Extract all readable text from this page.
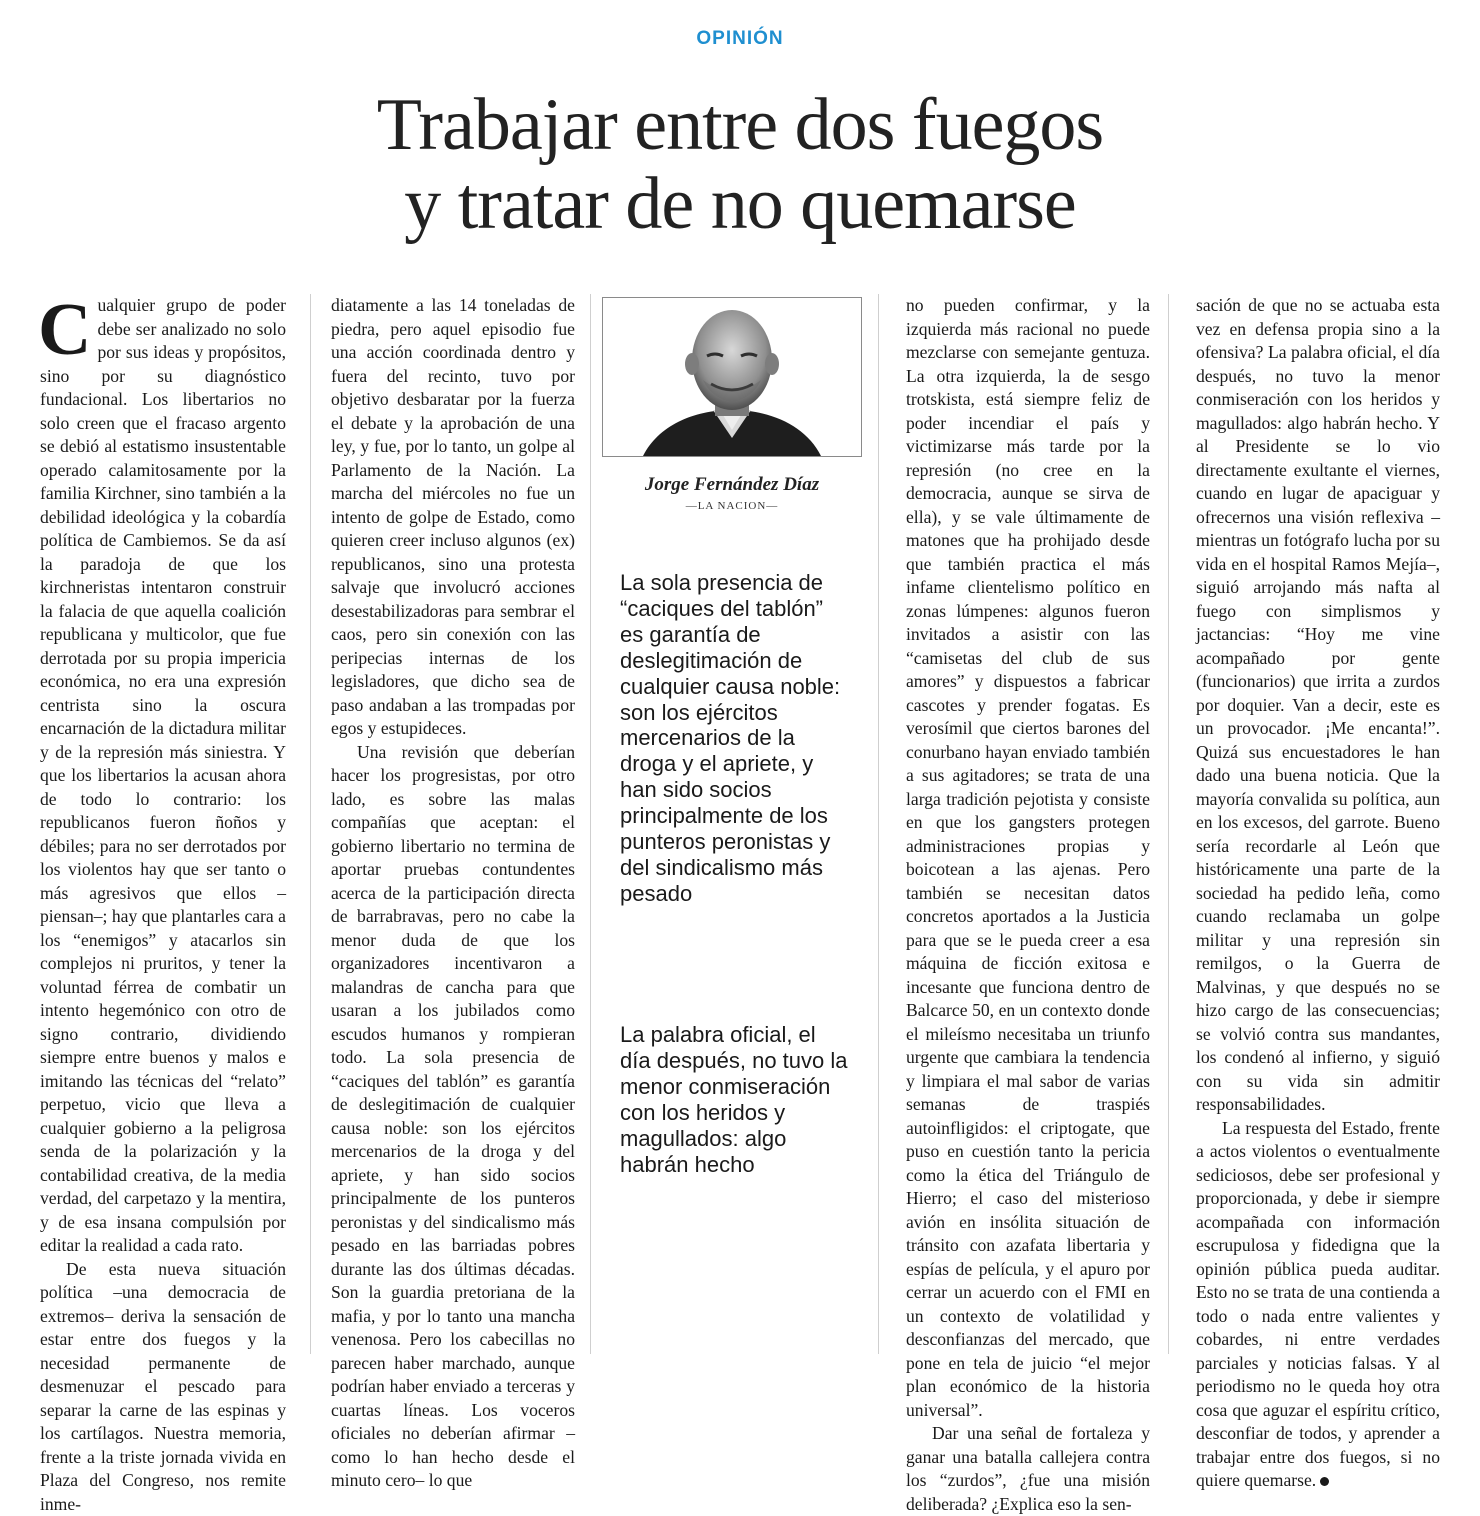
OPINIÓN
Trabajar entre dos fuegos
y tratar de no quemarse

Cualquier grupo de poder debe ser analizado no solo por sus ideas y propósitos, sino por su diagnóstico fundacional. Los libertarios no solo creen que el fracaso argento se debió al estatismo insustentable operado calamitosamente por la familia Kirchner, sino también a la debilidad ideológica y la cobardía política de Cambiemos. Se da así la paradoja de que los kirchneristas intentaron construir la falacia de que aquella coalición republicana y multicolor, que fue derrotada por su propia impericia económica, no era una expresión centrista sino la oscura encarnación de la dictadura militar y de la represión más siniestra. Y que los libertarios la acusan ahora de todo lo contrario: los republicanos fueron ñoños y débiles; para no ser derrotados por los violentos hay que ser tanto o más agresivos que ellos –piensan–; hay que plantarles cara a los “enemigos” y atacarlos sin complejos ni pruritos, y tener la voluntad férrea de combatir un intento hegemónico con otro de signo contrario, dividiendo siempre entre buenos y malos e imitando las técnicas del “relato” perpetuo, vicio que lleva a cualquier gobierno a la peligrosa senda de la polarización y la contabilidad creativa, de la media verdad, del carpetazo y la mentira, y de esa insana compulsión por editar la realidad a cada rato.

De esta nueva situación política –una democracia de extremos– deriva la sensación de estar entre dos fuegos y la necesidad permanente de desmenuzar el pescado para separar la carne de las espinas y los cartílagos. Nuestra memoria, frente a la triste jornada vivida en Plaza del Congreso, nos remite inme-

diatamente a las 14 toneladas de piedra, pero aquel episodio fue una acción coordinada dentro y fuera del recinto, tuvo por objetivo desbaratar por la fuerza el debate y la aprobación de una ley, y fue, por lo tanto, un golpe al Parlamento de la Nación. La marcha del miércoles no fue un intento de golpe de Estado, como quieren creer incluso algunos (ex) republicanos, sino una protesta salvaje que involucró acciones desestabilizadoras para sembrar el caos, pero sin conexión con las peripecias internas de los legisladores, que dicho sea de paso andaban a las trompadas por egos y estupideces.

Una revisión que deberían hacer los progresistas, por otro lado, es sobre las malas compañías que aceptan: el gobierno libertario no termina de aportar pruebas contundentes acerca de la participación directa de barrabravas, pero no cabe la menor duda de que los organizadores incentivaron a malandras de cancha para que usaran a los jubilados como escudos humanos y rompieran todo. La sola presencia de “caciques del tablón” es garantía de deslegitimación de cualquier causa noble: son los ejércitos mercenarios de la droga y del apriete, y han sido socios principalmente de los punteros peronistas y del sindicalismo más pesado en las barriadas pobres durante las dos últimas décadas. Son la guardia pretoriana de la mafia, y por lo tanto una mancha venenosa. Pero los cabecillas no parecen haber marchado, aunque podrían haber enviado a terceras y cuartas líneas. Los voceros oficiales no deberían afirmar –como lo han hecho desde el minuto cero– lo que

Jorge Fernández Díaz
—LA NACION—
La sola presencia de “caciques del tablón” es garantía de deslegitimación de cualquier causa noble: son los ejércitos mercenarios de la droga y el apriete, y han sido socios principalmente de los punteros peronistas y del sindicalismo más pesado
La palabra oficial, el día después, no tuvo la menor conmiseración con los heridos y magullados: algo habrán hecho

no pueden confirmar, y la izquierda más racional no puede mezclarse con semejante gentuza. La otra izquierda, la de sesgo trotskista, está siempre feliz de poder incendiar el país y victimizarse más tarde por la represión (no cree en la democracia, aunque se sirva de ella), y se vale últimamente de matones que ha prohijado desde que también practica el más infame clientelismo político en zonas lúmpenes: algunos fueron invitados a asistir con las “camisetas del club de sus amores” y dispuestos a fabricar cascotes y prender fogatas. Es verosímil que ciertos barones del conurbano hayan enviado también a sus agitadores; se trata de una larga tradición pejotista y consiste en que los gangsters protegen administraciones propias y boicotean a las ajenas. Pero también se necesitan datos concretos aportados a la Justicia para que se le pueda creer a esa máquina de ficción exitosa e incesante que funciona dentro de Balcarce 50, en un contexto donde el mileísmo necesitaba un triunfo urgente que cambiara la tendencia y limpiara el mal sabor de varias semanas de traspiés autoinfligidos: el criptogate, que puso en cuestión tanto la pericia como la ética del Triángulo de Hierro; el caso del misterioso avión en insólita situación de tránsito con azafata libertaria y espías de película, y el apuro por cerrar un acuerdo con el FMI en un contexto de volatilidad y desconfianzas del mercado, que pone en tela de juicio “el mejor plan económico de la historia universal”.

Dar una señal de fortaleza y ganar una batalla callejera contra los “zurdos”, ¿fue una misión deliberada? ¿Explica eso la sen-

sación de que no se actuaba esta vez en defensa propia sino a la ofensiva? La palabra oficial, el día después, no tuvo la menor conmiseración con los heridos y magullados: algo habrán hecho. Y al Presidente se lo vio directamente exultante el viernes, cuando en lugar de apaciguar y ofrecernos una visión reflexiva –mientras un fotógrafo lucha por su vida en el hospital Ramos Mejía–, siguió arrojando más nafta al fuego con simplismos y jactancias: “Hoy me vine acompañado por gente (funcionarios) que irrita a zurdos por doquier. Van a decir, este es un provocador. ¡Me encanta!”. Quizá sus encuestadores le han dado una buena noticia. Que la mayoría convalida su política, aun en los excesos, del garrote. Bueno sería recordarle al León que históricamente una parte de la sociedad ha pedido leña, como cuando reclamaba un golpe militar y una represión sin remilgos, o la Guerra de Malvinas, y que después no se hizo cargo de las consecuencias; se volvió contra sus mandantes, los condenó al infierno, y siguió con su vida sin admitir responsabilidades.

La respuesta del Estado, frente a actos violentos o eventualmente sediciosos, debe ser profesional y proporcionada, y debe ir siempre acompañada con información escrupulosa y fidedigna que la opinión pública pueda auditar. Esto no se trata de una contienda a todo o nada entre valientes y cobardes, ni entre verdades parciales y noticias falsas. Y al periodismo no le queda hoy otra cosa que aguzar el espíritu crítico, desconfiar de todos, y aprender a trabajar entre dos fuegos, si no quiere quemarse.
